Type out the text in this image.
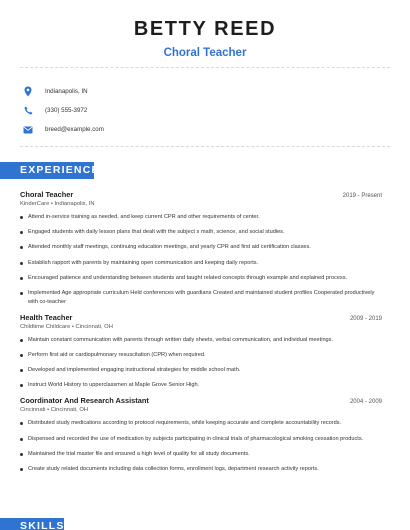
BETTY REED
Choral Teacher
Indianapolis, IN
(330) 555-3972
breed@example.com
EXPERIENCE
Choral Teacher	2019 - Present
KinderCare • Indianapolis, IN
Attend in-service training as needed, and keep current CPR and other requirements of center.
Engaged students with daily lesson plans that dealt with the subject s math, science, and social studies.
Attended monthly staff meetings, continuing education meetings, and yearly CPR and first aid certification classes.
Establish rapport with parents by maintaining open communication and keeping daily reports.
Encouraged patience and understanding between students and taught related concepts through example and explained process.
Implemented Age appropriate curriculum Held conferences with guardians Created and maintained student profiles Cooperated productively with co-teacher
Health Teacher	2009 - 2019
Childtime Childcare • Cincinnati, OH
Maintain constant communication with parents through written daily sheets, verbal communication, and individual meetings.
Perform first aid or cardiopulmonary resuscitation (CPR) when required.
Developed and implemented engaging instructional strategies for middle school math.
Instruct World History to upperclassmen at Maple Grove Senior High.
Coordinator And Research Assistant	2004 - 2009
Cincinnati • Cincinnati, OH
Distributed study medications according to protocol requirements, while keeping accurate and complete accountability records.
Dispensed and recorded the use of medication by subjects participating in clinical trials of pharmacological smoking cessation products.
Maintained the trial master file and ensured a high level of quality for all study documents.
Create study related documents including data collection forms, enrollment logs, department research activity reports.
SKILLS
